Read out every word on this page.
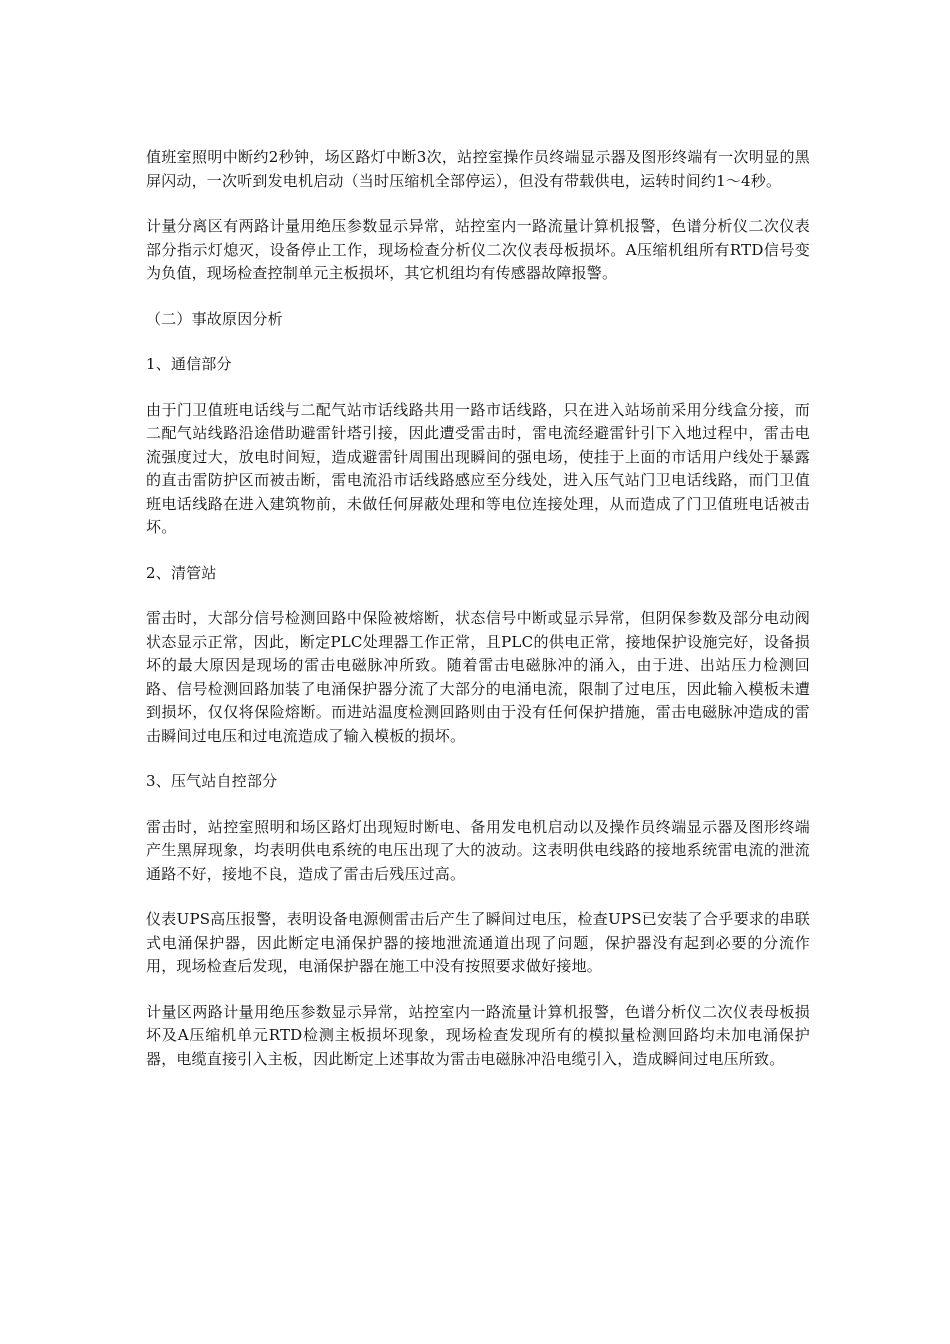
值班室照明中断约2秒钟，场区路灯中断3次，站控室操作员终端显示器及图形终端有一次明显的黑屏闪动，一次听到发电机启动（当时压缩机全部停运），但没有带载供电，运转时间约1～4秒。

计量分离区有两路计量用绝压参数显示异常，站控室内一路流量计算机报警，色谱分析仪二次仪表部分指示灯熄灭，设备停止工作，现场检查分析仪二次仪表母板损坏。A压缩机组所有RTD信号变为负值，现场检查控制单元主板损坏，其它机组均有传感器故障报警。

（二）事故原因分析

1、通信部分

由于门卫值班电话线与二配气站市话线路共用一路市话线路，只在进入站场前采用分线盒分接，而二配气站线路沿途借助避雷针塔引接，因此遭受雷击时，雷电流经避雷针引下入地过程中，雷击电流强度过大，放电时间短，造成避雷针周围出现瞬间的强电场，使挂于上面的市话用户线处于暴露的直击雷防护区而被击断，雷电流沿市话线路感应至分线处，进入压气站门卫电话线路，而门卫值班电话线路在进入建筑物前，未做任何屏蔽处理和等电位连接处理，从而造成了门卫值班电话被击坏。

2、清管站

雷击时，大部分信号检测回路中保险被熔断，状态信号中断或显示异常，但阴保参数及部分电动阀状态显示正常，因此，断定PLC处理器工作正常，且PLC的供电正常，接地保护设施完好，设备损坏的最大原因是现场的雷击电磁脉冲所致。随着雷击电磁脉冲的涌入，由于进、出站压力检测回路、信号检测回路加装了电涌保护器分流了大部分的电涌电流，限制了过电压，因此输入模板未遭到损坏，仅仅将保险熔断。而进站温度检测回路则由于没有任何保护措施，雷击电磁脉冲造成的雷击瞬间过电压和过电流造成了输入模板的损坏。

3、压气站自控部分

雷击时，站控室照明和场区路灯出现短时断电、备用发电机启动以及操作员终端显示器及图形终端产生黑屏现象，均表明供电系统的电压出现了大的波动。这表明供电线路的接地系统雷电流的泄流通路不好，接地不良，造成了雷击后残压过高。

仪表UPS高压报警，表明设备电源侧雷击后产生了瞬间过电压，检查UPS已安装了合乎要求的串联式电涌保护器，因此断定电涌保护器的接地泄流通道出现了问题，保护器没有起到必要的分流作用，现场检查后发现，电涌保护器在施工中没有按照要求做好接地。

计量区两路计量用绝压参数显示异常，站控室内一路流量计算机报警，色谱分析仪二次仪表母板损坏及A压缩机单元RTD检测主板损坏现象，现场检查发现所有的模拟量检测回路均未加电涌保护器，电缆直接引入主板，因此断定上述事故为雷击电磁脉冲沿电缆引入，造成瞬间过电压所致。
